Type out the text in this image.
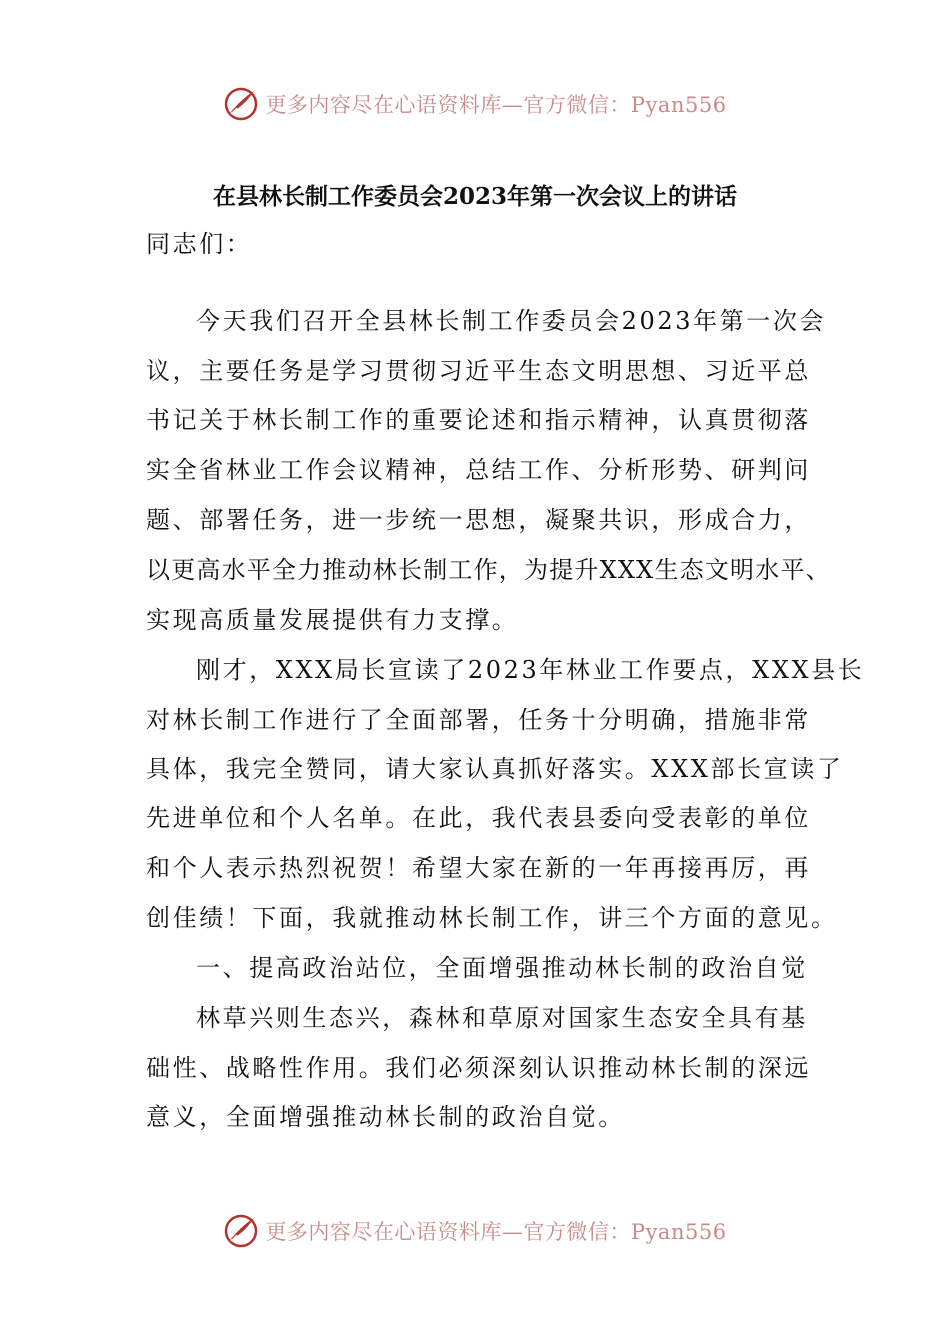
更多内容尽在心语资料库—官方微信：Pyan556
在县林长制工作委员会2023年第一次会议上的讲话
同志们：
今天我们召开全县林长制工作委员会2023年第一次会
议，主要任务是学习贯彻习近平生态文明思想、习近平总
书记关于林长制工作的重要论述和指示精神，认真贯彻落
实全省林业工作会议精神，总结工作、分析形势、研判问
题、部署任务，进一步统一思想，凝聚共识，形成合力，
以更高水平全力推动林长制工作，为提升XXX生态文明水平、
实现高质量发展提供有力支撑。
刚才，XXX局长宣读了2023年林业工作要点，XXX县长
对林长制工作进行了全面部署，任务十分明确，措施非常
具体，我完全赞同，请大家认真抓好落实。XXX部长宣读了
先进单位和个人名单。在此，我代表县委向受表彰的单位
和个人表示热烈祝贺！希望大家在新的一年再接再厉，再
创佳绩！下面，我就推动林长制工作，讲三个方面的意见。
一、提高政治站位，全面增强推动林长制的政治自觉
林草兴则生态兴，森林和草原对国家生态安全具有基
础性、战略性作用。我们必须深刻认识推动林长制的深远
意义，全面增强推动林长制的政治自觉。
更多内容尽在心语资料库—官方微信：Pyan556
